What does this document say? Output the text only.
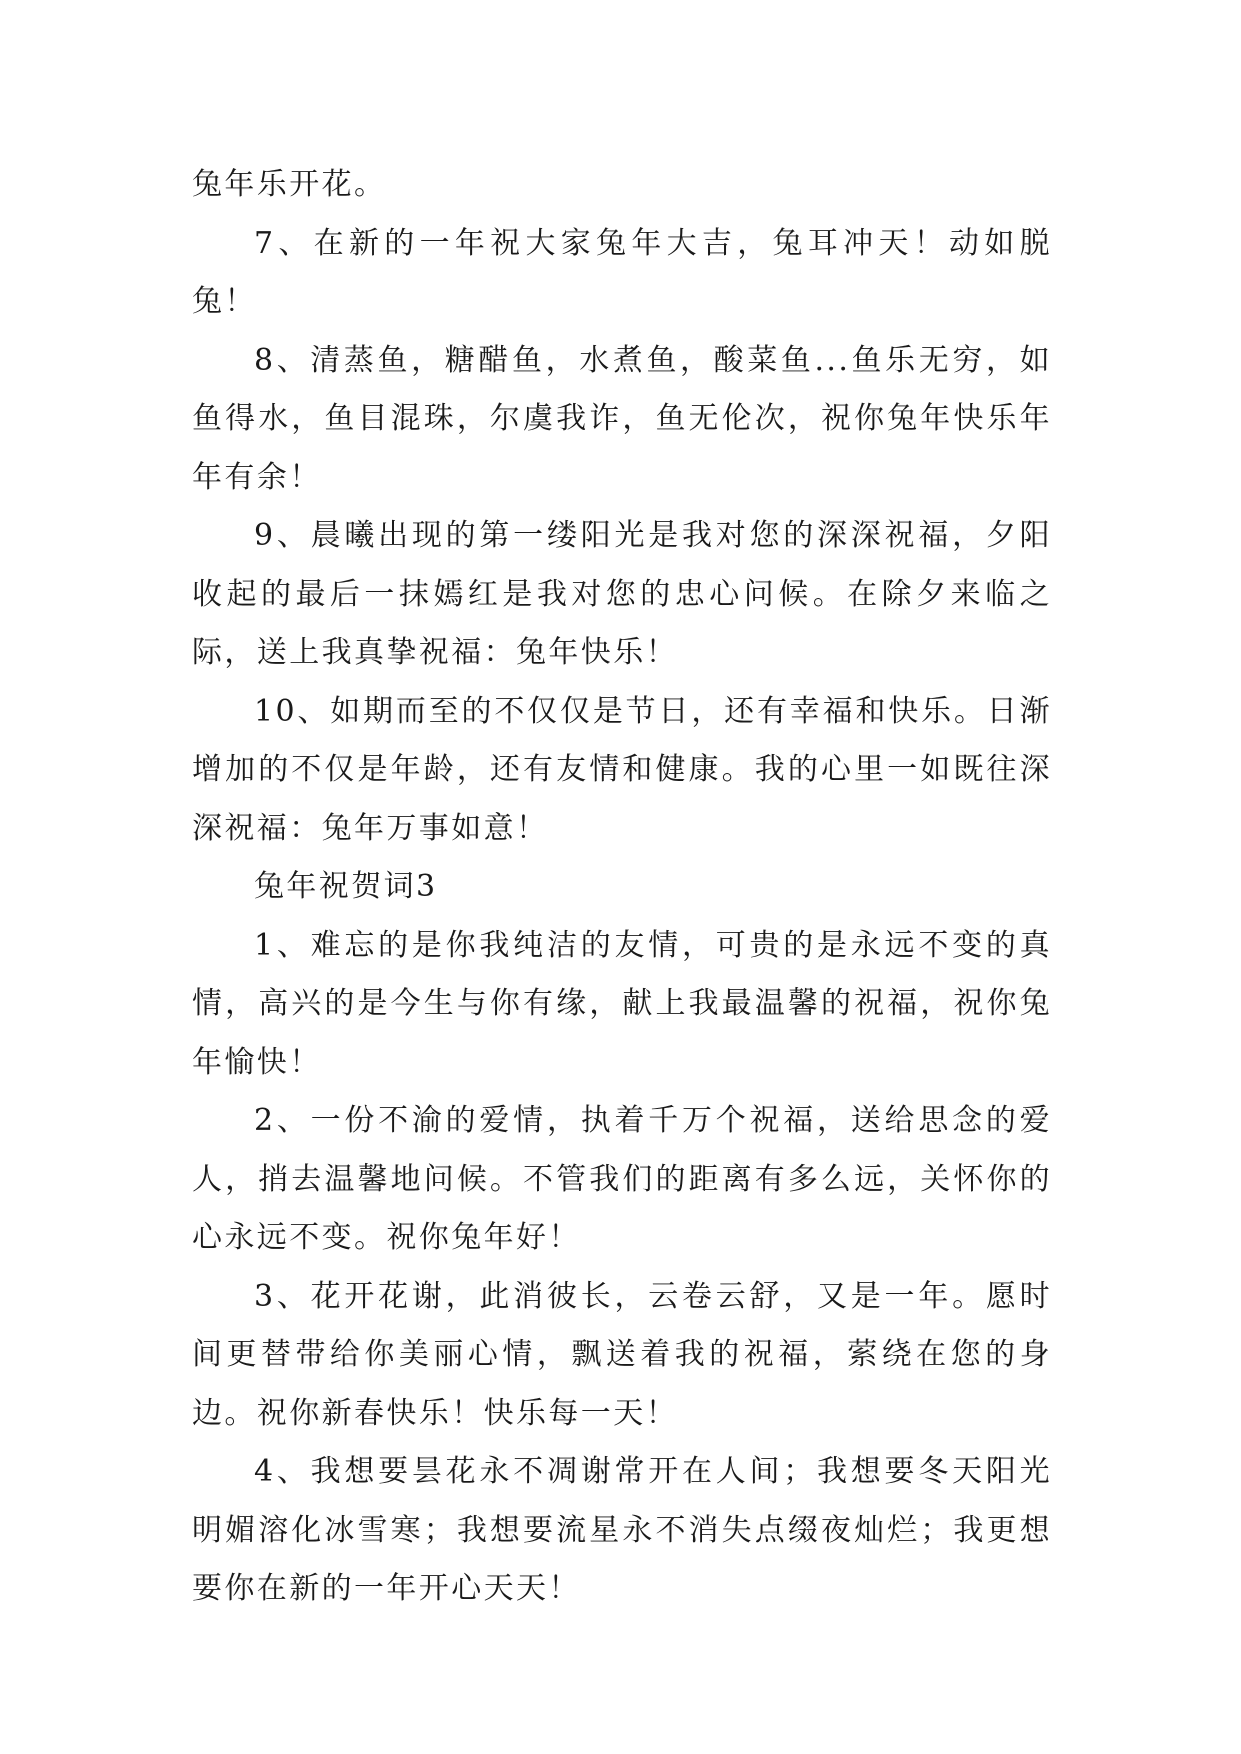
兔年乐开花。

7、在新的一年祝大家兔年大吉，兔耳冲天！动如脱兔！

8、清蒸鱼，糖醋鱼，水煮鱼，酸菜鱼...鱼乐无穷，如鱼得水，鱼目混珠，尔虞我诈，鱼无伦次，祝你兔年快乐年年有余！

9、晨曦出现的第一缕阳光是我对您的深深祝福，夕阳收起的最后一抹嫣红是我对您的忠心问候。在除夕来临之际，送上我真挚祝福：兔年快乐！

10、如期而至的不仅仅是节日，还有幸福和快乐。日渐增加的不仅是年龄，还有友情和健康。我的心里一如既往深深祝福：兔年万事如意！

兔年祝贺词3

1、难忘的是你我纯洁的友情，可贵的是永远不变的真情，高兴的是今生与你有缘，献上我最温馨的祝福，祝你兔年愉快！

2、一份不渝的爱情，执着千万个祝福，送给思念的爱人，捎去温馨地问候。不管我们的距离有多么远，关怀你的心永远不变。祝你兔年好！

3、花开花谢，此消彼长，云卷云舒，又是一年。愿时间更替带给你美丽心情，飘送着我的祝福，萦绕在您的身边。祝你新春快乐！快乐每一天！

4、我想要昙花永不凋谢常开在人间；我想要冬天阳光明媚溶化冰雪寒；我想要流星永不消失点缀夜灿烂；我更想要你在新的一年开心天天！
